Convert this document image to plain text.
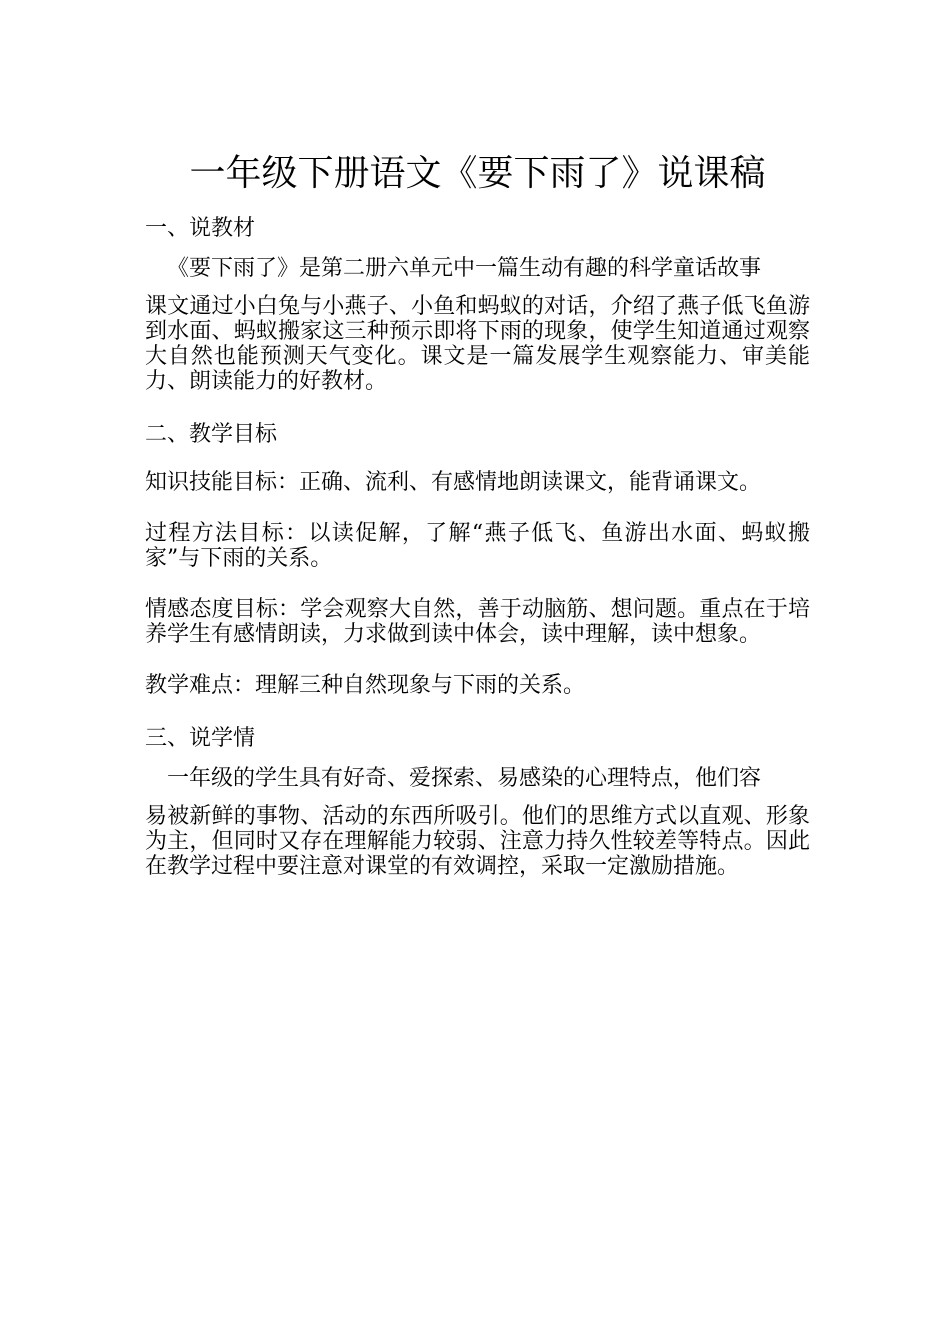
一年级下册语文《要下雨了》说课稿

一、说教材

《要下雨了》是第二册六单元中一篇生动有趣的科学童话故事
课文通过小白兔与小燕子、小鱼和蚂蚁的对话，介绍了燕子低飞鱼游到水面、蚂蚁搬家这三种预示即将下雨的现象，使学生知道通过观察大自然也能预测天气变化。课文是一篇发展学生观察能力、审美能力、朗读能力的好教材。

二、教学目标

知识技能目标：正确、流利、有感情地朗读课文，能背诵课文。

过程方法目标：以读促解，了解“燕子低飞、鱼游出水面、蚂蚁搬家”与下雨的关系。

情感态度目标：学会观察大自然，善于动脑筋、想问题。重点在于培养学生有感情朗读，力求做到读中体会，读中理解，读中想象。

教学难点：理解三种自然现象与下雨的关系。

三、说学情

一年级的学生具有好奇、爱探索、易感染的心理特点，他们容
易被新鲜的事物、活动的东西所吸引。他们的思维方式以直观、形象为主，但同时又存在理解能力较弱、注意力持久性较差等特点。因此在教学过程中要注意对课堂的有效调控，采取一定激励措施。
